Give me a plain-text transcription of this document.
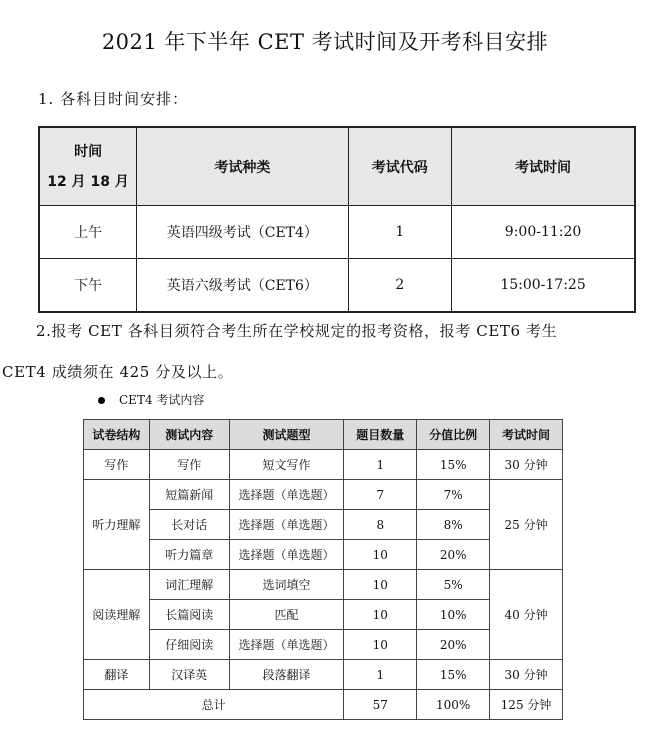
2021 年下半年 CET 考试时间及开考科目安排
1. 各科目时间安排：
时间
12 月 18 月	考试种类	考试代码	考试时间
上午	英语四级考试（CET4）	1	9:00-11:20
下午	英语六级考试（CET6）	2	15:00-17:25
2.报考 CET 各科目须符合考生所在学校规定的报考资格，报考 CET6 考生
CET4 成绩须在 425 分及以上。
CET4 考试内容
试卷结构	测试内容	测试题型	题目数量	分值比例	考试时间
写作	写作	短文写作	1	15%	30 分钟
听力理解	短篇新闻	选择题（单选题）	7	7%	25 分钟
	长对话	选择题（单选题）	8	8%	
	听力篇章	选择题（单选题）	10	20%	
阅读理解	词汇理解	选词填空	10	5%	40 分钟
	长篇阅读	匹配	10	10%	
	仔细阅读	选择题（单选题）	10	20%	
翻译	汉译英	段落翻译	1	15%	30 分钟
总计			57	100%	125 分钟
